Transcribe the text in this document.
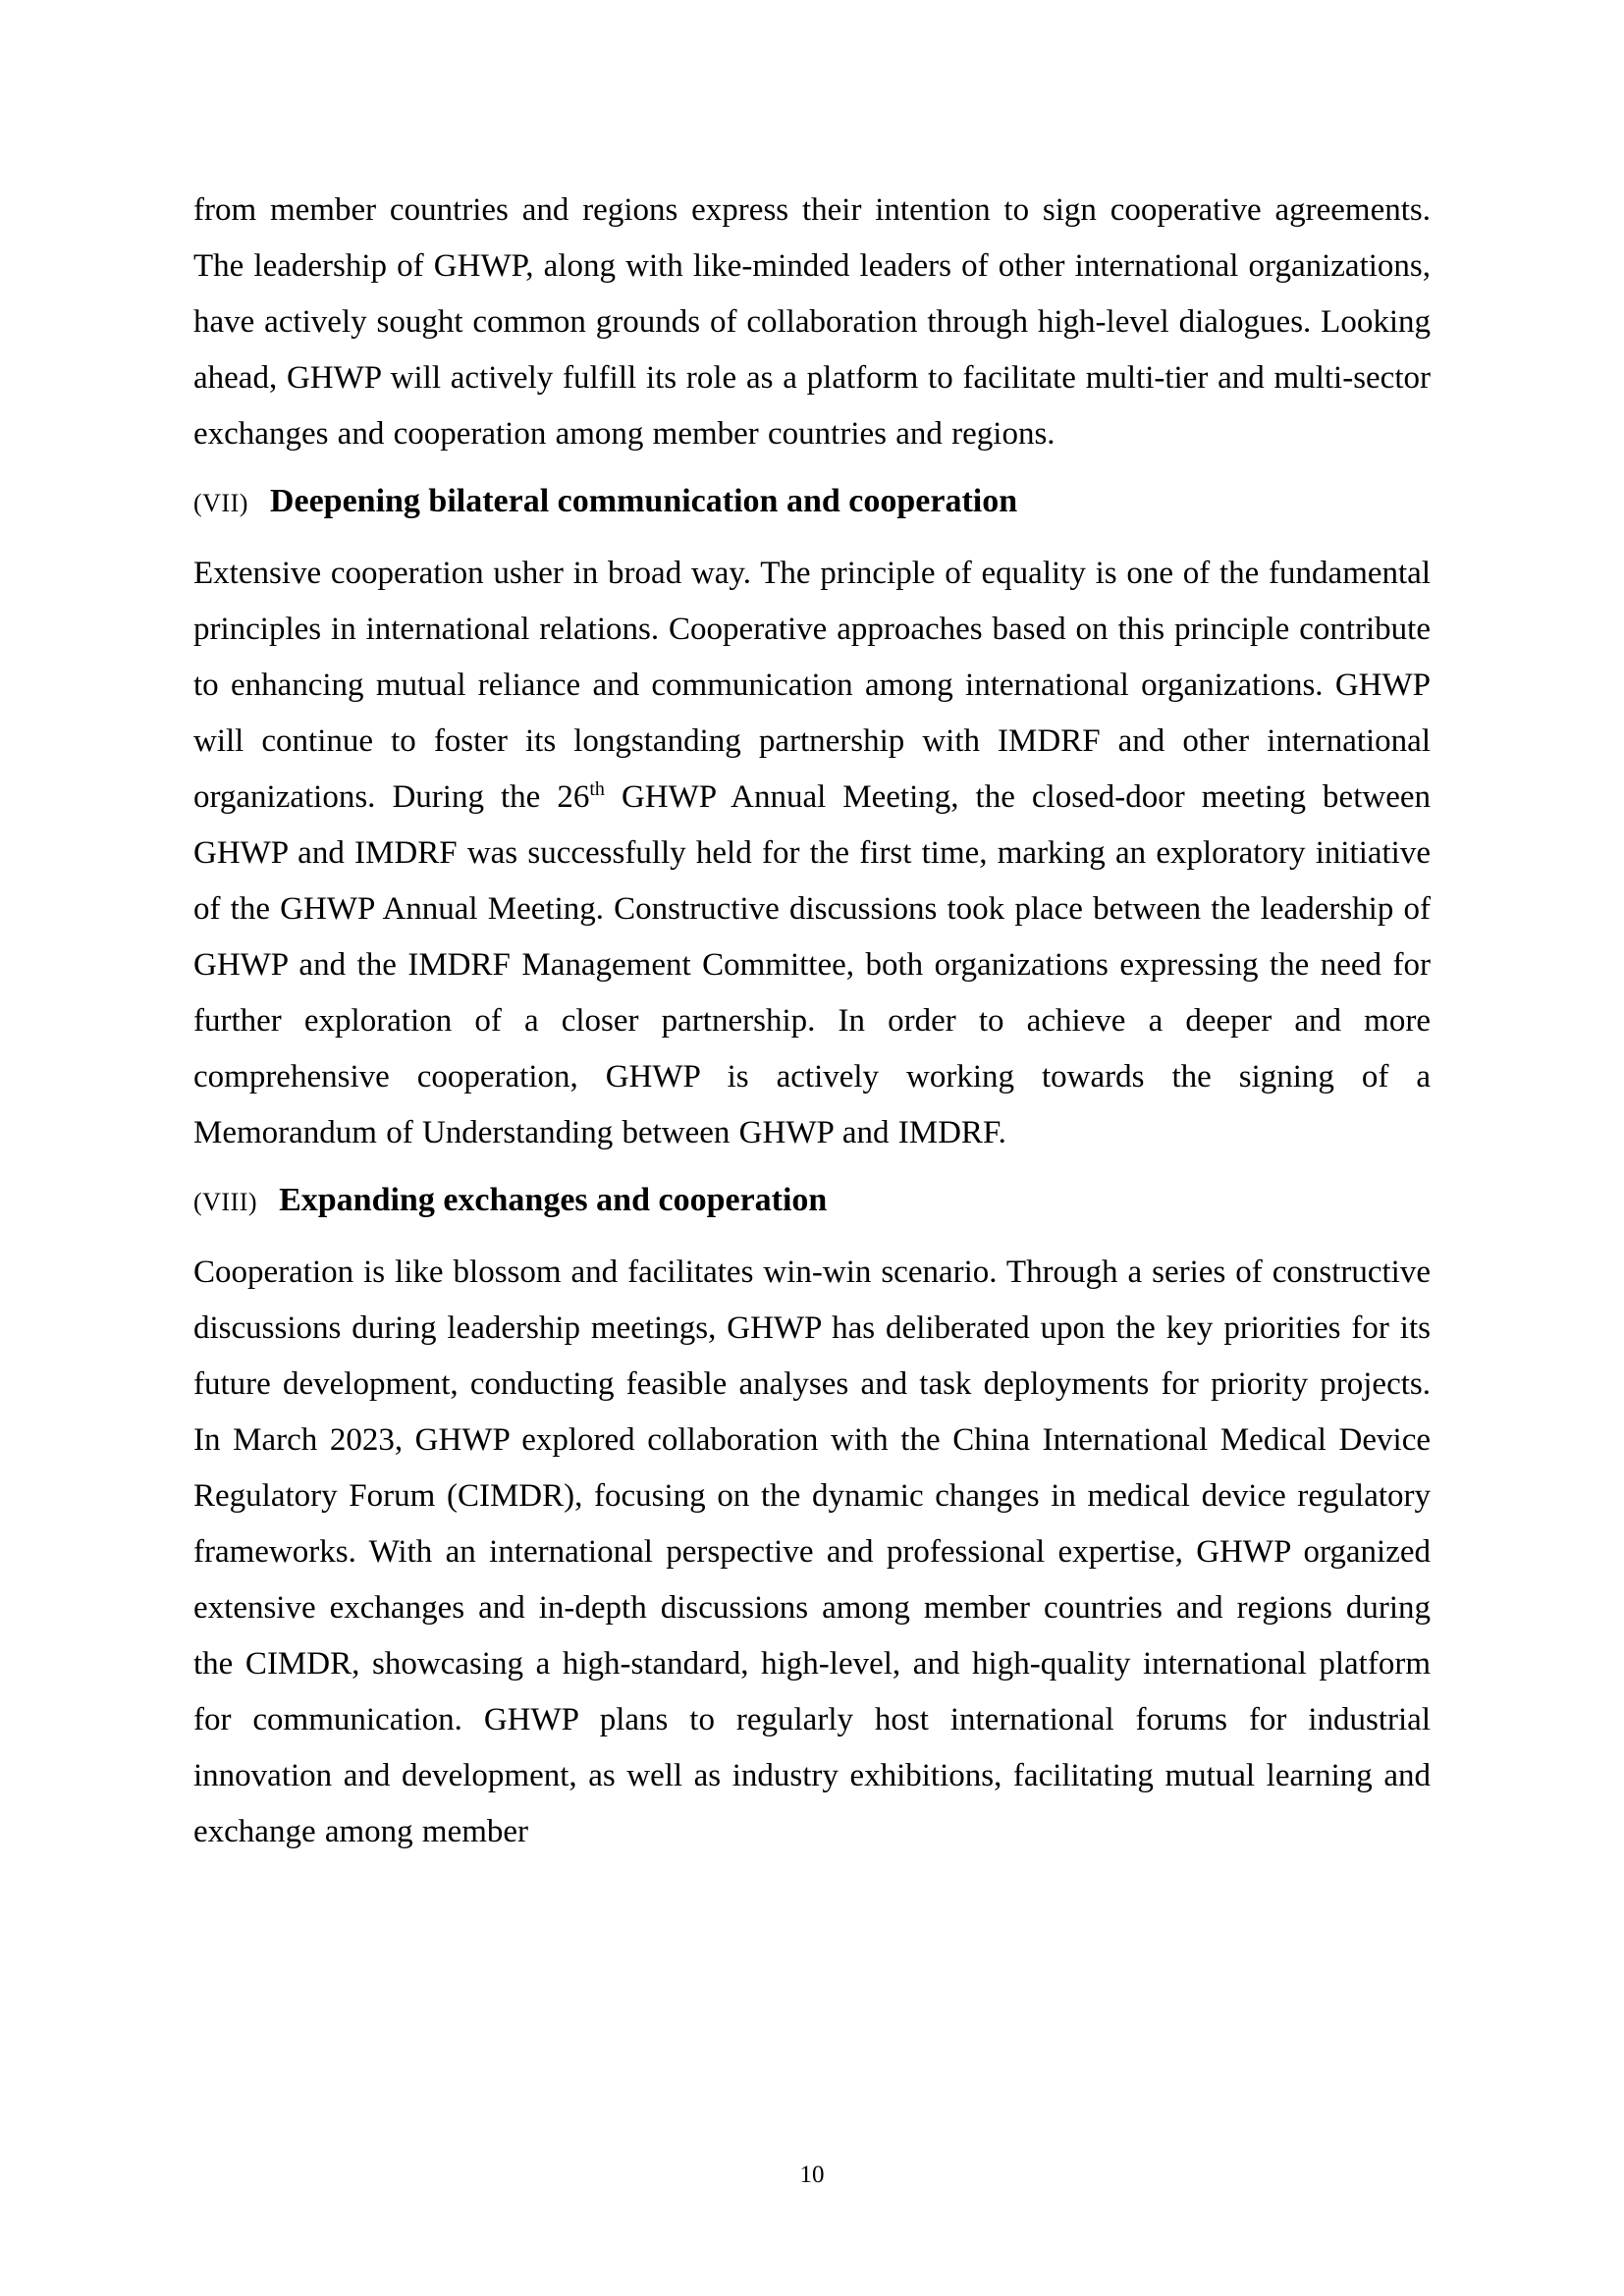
from member countries and regions express their intention to sign cooperative agreements. The leadership of GHWP, along with like-minded leaders of other international organizations, have actively sought common grounds of collaboration through high-level dialogues. Looking ahead, GHWP will actively fulfill its role as a platform to facilitate multi-tier and multi-sector exchanges and cooperation among member countries and regions.

(VII) Deepening bilateral communication and cooperation

Extensive cooperation usher in broad way. The principle of equality is one of the fundamental principles in international relations. Cooperative approaches based on this principle contribute to enhancing mutual reliance and communication among international organizations. GHWP will continue to foster its longstanding partnership with IMDRF and other international organizations. During the 26th GHWP Annual Meeting, the closed-door meeting between GHWP and IMDRF was successfully held for the first time, marking an exploratory initiative of the GHWP Annual Meeting. Constructive discussions took place between the leadership of GHWP and the IMDRF Management Committee, both organizations expressing the need for further exploration of a closer partnership. In order to achieve a deeper and more comprehensive cooperation, GHWP is actively working towards the signing of a Memorandum of Understanding between GHWP and IMDRF.

(VIII) Expanding exchanges and cooperation

Cooperation is like blossom and facilitates win-win scenario. Through a series of constructive discussions during leadership meetings, GHWP has deliberated upon the key priorities for its future development, conducting feasible analyses and task deployments for priority projects. In March 2023, GHWP explored collaboration with the China International Medical Device Regulatory Forum (CIMDR), focusing on the dynamic changes in medical device regulatory frameworks. With an international perspective and professional expertise, GHWP organized extensive exchanges and in-depth discussions among member countries and regions during the CIMDR, showcasing a high-standard, high-level, and high-quality international platform for communication. GHWP plans to regularly host international forums for industrial innovation and development, as well as industry exhibitions, facilitating mutual learning and exchange among member

10
